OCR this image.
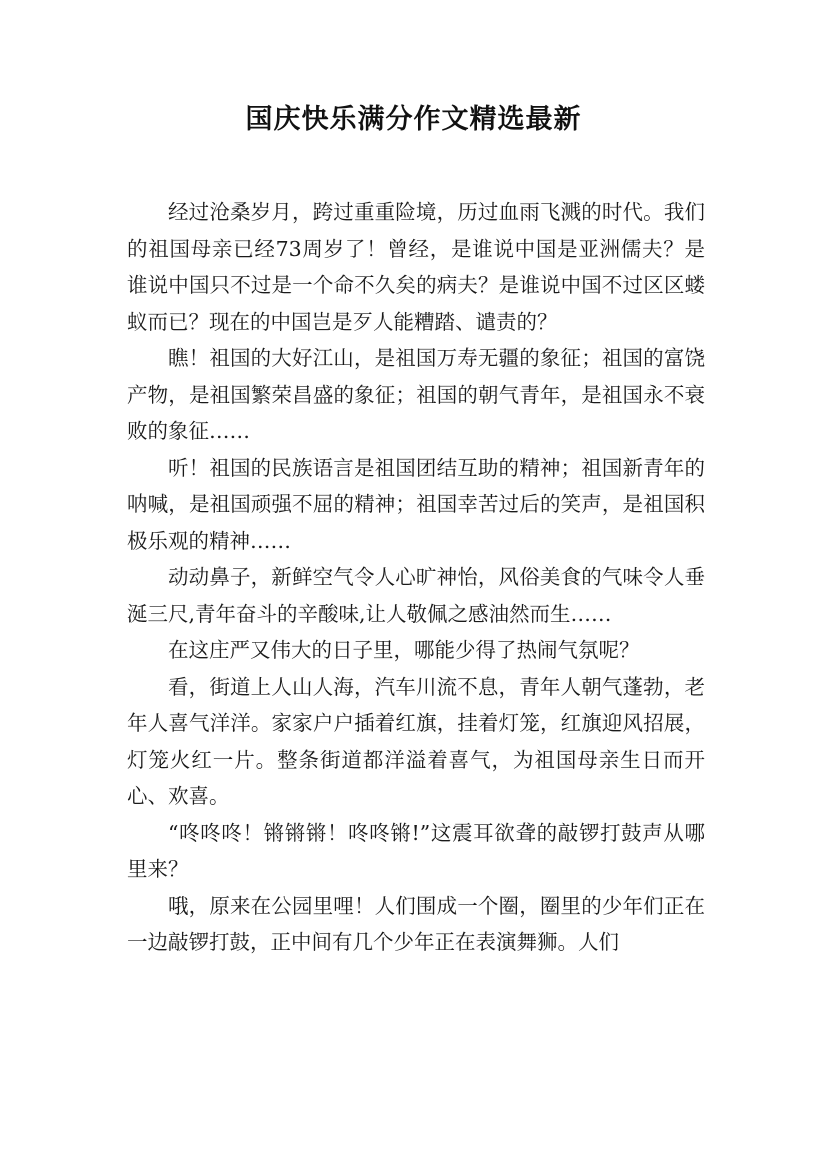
国庆快乐满分作文精选最新

经过沧桑岁月，跨过重重险境，历过血雨飞溅的时代。我们的祖国母亲已经73周岁了！曾经，是谁说中国是亚洲儒夫？是谁说中国只不过是一个命不久矣的病夫？是谁说中国不过区区蝼蚁而已？现在的中国岂是歹人能糟踏、谴责的？

瞧！祖国的大好江山，是祖国万寿无疆的象征；祖国的富饶产物，是祖国繁荣昌盛的象征；祖国的朝气青年，是祖国永不衰败的象征……

听！祖国的民族语言是祖国团结互助的精神；祖国新青年的呐喊，是祖国顽强不屈的精神；祖国幸苦过后的笑声，是祖国积极乐观的精神……

动动鼻子，新鲜空气令人心旷神怡，风俗美食的气味令人垂涎三尺,青年奋斗的辛酸味,让人敬佩之感油然而生……

在这庄严又伟大的日子里，哪能少得了热闹气氛呢？

看，街道上人山人海，汽车川流不息，青年人朝气蓬勃，老年人喜气洋洋。家家户户插着红旗，挂着灯笼，红旗迎风招展，灯笼火红一片。整条街道都洋溢着喜气，为祖国母亲生日而开心、欢喜。

“咚咚咚！锵锵锵！咚咚锵!”这震耳欲聋的敲锣打鼓声从哪里来？

哦，原来在公园里哩！人们围成一个圈，圈里的少年们正在一边敲锣打鼓，正中间有几个少年正在表演舞狮。人们
